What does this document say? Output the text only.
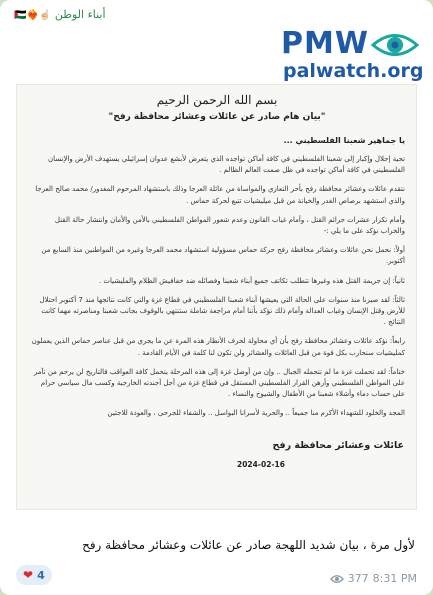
أبناء الوطن ☝🏻❤️‍🔥🇵🇸
PMW
palwatch.org
بسم الله الرحمن الرحيم
"بيان هام صادر عن عائلات وعشائر محافظة رفح"
يا جماهير شعبنا الفلسطيني ...

تحية إجلال وإكبار إلى شعبنا الفلسطيني في كافة أماكن تواجده الذي يتعرض لأبشع عدوان إسرائيلي يستهدف الأرض والإنسان الفلسطيني في كافة أماكن تواجده في ظل صمت العالم الظالم .

نتقدم عائلات وعشائر محافظة رفح بأحر التعازي والمواساة من عائلة العرجا وذلك باستشهاد المرحوم المغدور/ محمد صالح العرجا والذي استشهد برصاص الغدر والخيانة من قبل ميليشيات تتبع لحركة حماس .

وأمام تكرار عشرات جرائم القتل ، وأمام غياب القانون وعدم شعور المواطن الفلسطيني بالأمن والأمان وانتشار حالة القتل والخراب نؤكد على ما يلي :-

أولاً: نحمل نحن عائلات وعشائر محافظة رفح حركة حماس مسؤولية استشهاد محمد العرجا وغيره من المواطنين منذ السابع من أكتوبر.

ثانياً: إن جريمة القتل هذه وغيرها تتطلب تكاتف جميع أبناء شعبنا وفصائله ضد خفافيش الظلام والمليشيات .

ثالثاً: لقد صبرنا منذ سنوات على الحالة التي يعيشها أبناء شعبنا الفلسطيني في قطاع غزة والتي كانت نتائجها منذ 7 أكتوبر احتلال للأرض وقتل الإنسان وغياب العدالة وأمام ذلك نؤكد بأننا أمام مراجعة شاملة ستنتهي بالوقوف بجانب شعبنا ومناصرته مهما كانت النتائج .

رابعاً: نؤكد عائلات وعشائر محافظة رفح بأن أي محاولة لحرف الأنظار هذه المرة عن ما يجري من قبل عناصر حماس الذين يعملون كمليشيات سنحارب بكل قوة من قبل العائلات والعشائر ولن تكون لنا كلمة في الأيام القادمة .

ختاماً: لقد تحملت غزة ما لم تتحمله الجبال .. وإن من أوصل غزة إلى هذه المرحلة يتحمل كافة العواقب فالتاريخ لن يرحم من تآمر على المواطن الفلسطيني وأرهن القرار الفلسطيني المستقل في قطاع غزة من أجل أجندته الخارجية وكسب مال سياسي حرام على حساب دماء وأشلاء شعبنا من الأطفال والشيوخ والنساء .

المجد والخلود للشهداء الأكرم منا جميعاً .. والحرية لأسرانا البواسل .. والشفاء للجرحى ، والعودة للاجئين

عائلات وعشائر محافظة رفح
2024-02-16
لأول مرة ، بيان شديد اللهجة صادر عن عائلات وعشائر محافظة رفح
❤ 4	377 8:31 PM
